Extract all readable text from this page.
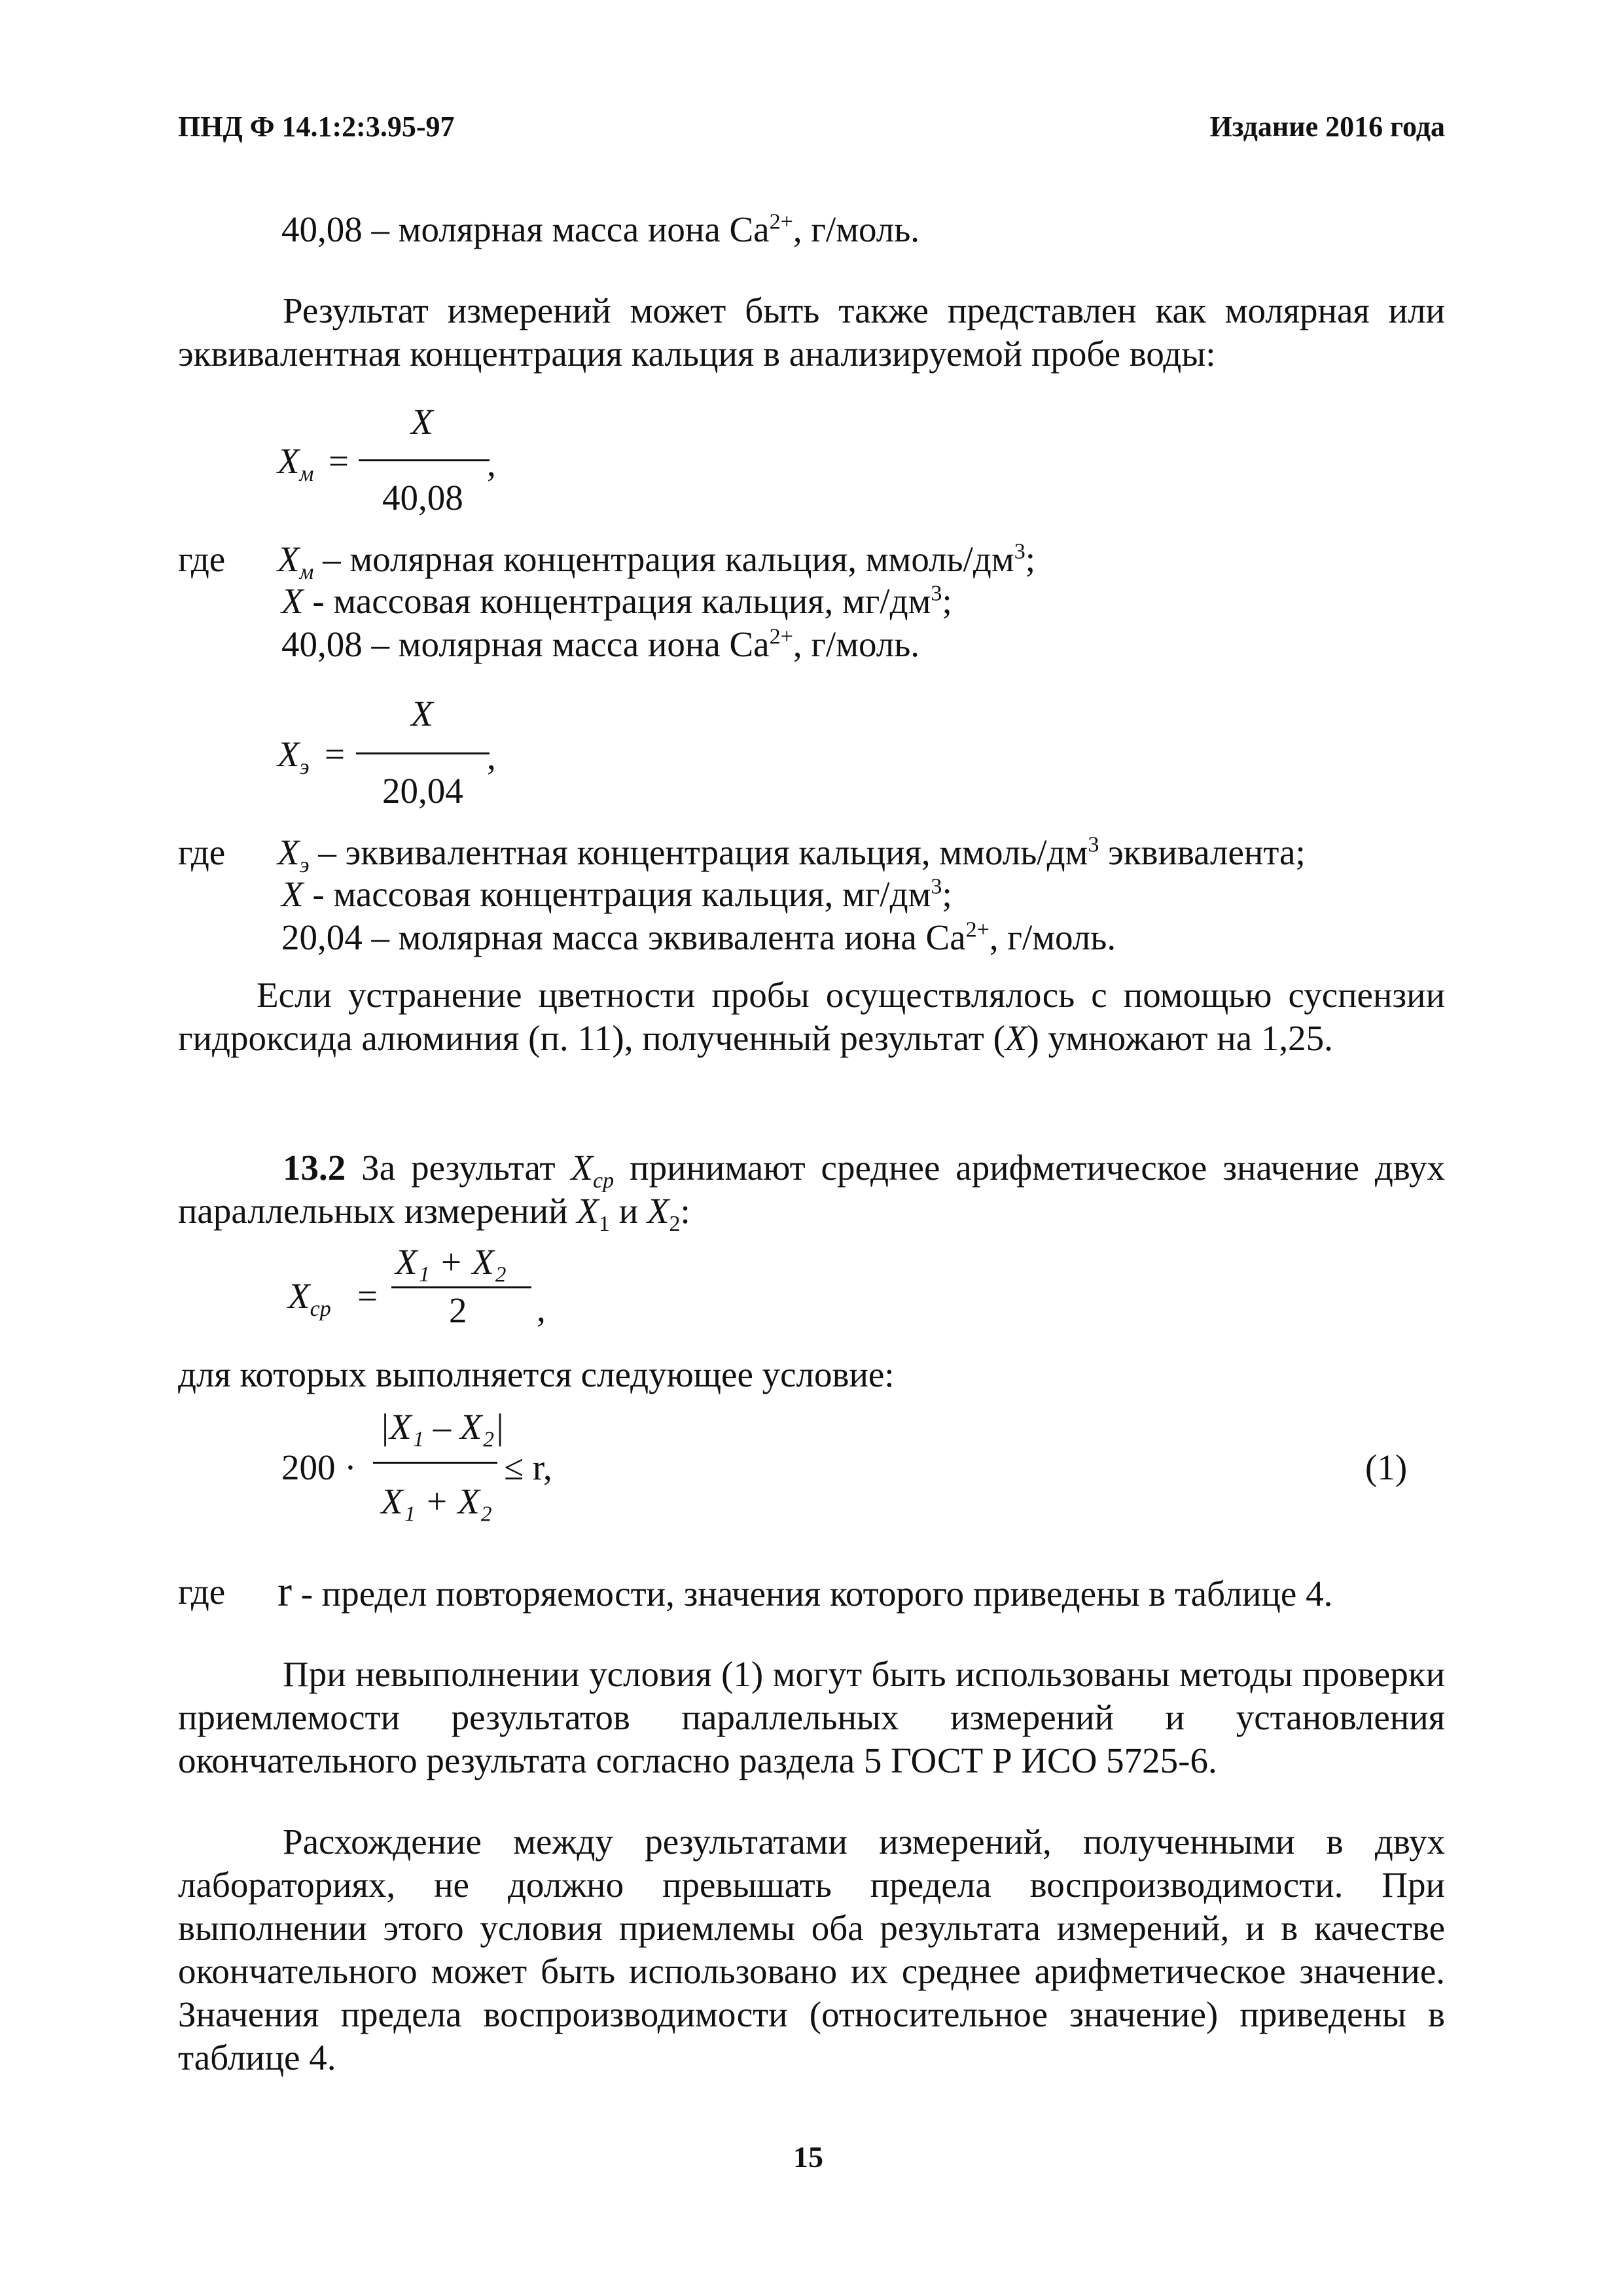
ПНД Ф 14.1:2:3.95-97	Издание 2016 года
40,08 – молярная масса иона $Ca^{2+}$, г/моль.
Результат измерений может быть также представлен как молярная или эквивалентная концентрация кальция в анализируемой пробе воды:
$X_м$ =
X
40,08
,
где $X_м$ – молярная концентрация кальция, ммоль/$дм^3$;
X - массовая концентрация кальция, $мг/дм^3$;
40,08 – молярная масса иона $Ca^{2+}$, г/моль.
$X_э$ =
X
20,04
,
где $X_э$ – эквивалентная концентрация кальция, ммоль/$дм^3$ эквивалента;
X - массовая концентрация кальция, $мг/дм^3$;
20,04 – молярная масса эквивалента иона $Ca^{2+}$, г/моль.
Если устранение цветности пробы осуществлялось с помощью суспензии гидроксида алюминия (п. 11), полученный результат (X) умножают на 1,25.
13.2 За результат $X_{ср}$ принимают среднее арифметическое значение двух параллельных измерений $X_1$ и $X_2$:
$X_{ср}$ =
X₁ + X₂
2 ,
для которых выполняется следующее условие:
200 ·
|X₁ – X₂|
X₁ + X₂
≤ r,	(1)
где r - предел повторяемости, значения которого приведены в таблице 4.
При невыполнении условия (1) могут быть использованы методы проверки приемлемости результатов параллельных измерений и установления окончательного результата согласно раздела 5 ГОСТ Р ИСО 5725-6.
Расхождение между результатами измерений, полученными в двух лабораториях, не должно превышать предела воспроизводимости. При выполнении этого условия приемлемы оба результата измерений, и в качестве окончательного может быть использовано их среднее арифметическое значение. Значения предела воспроизводимости (относительное значение) приведены в таблице 4.
15
